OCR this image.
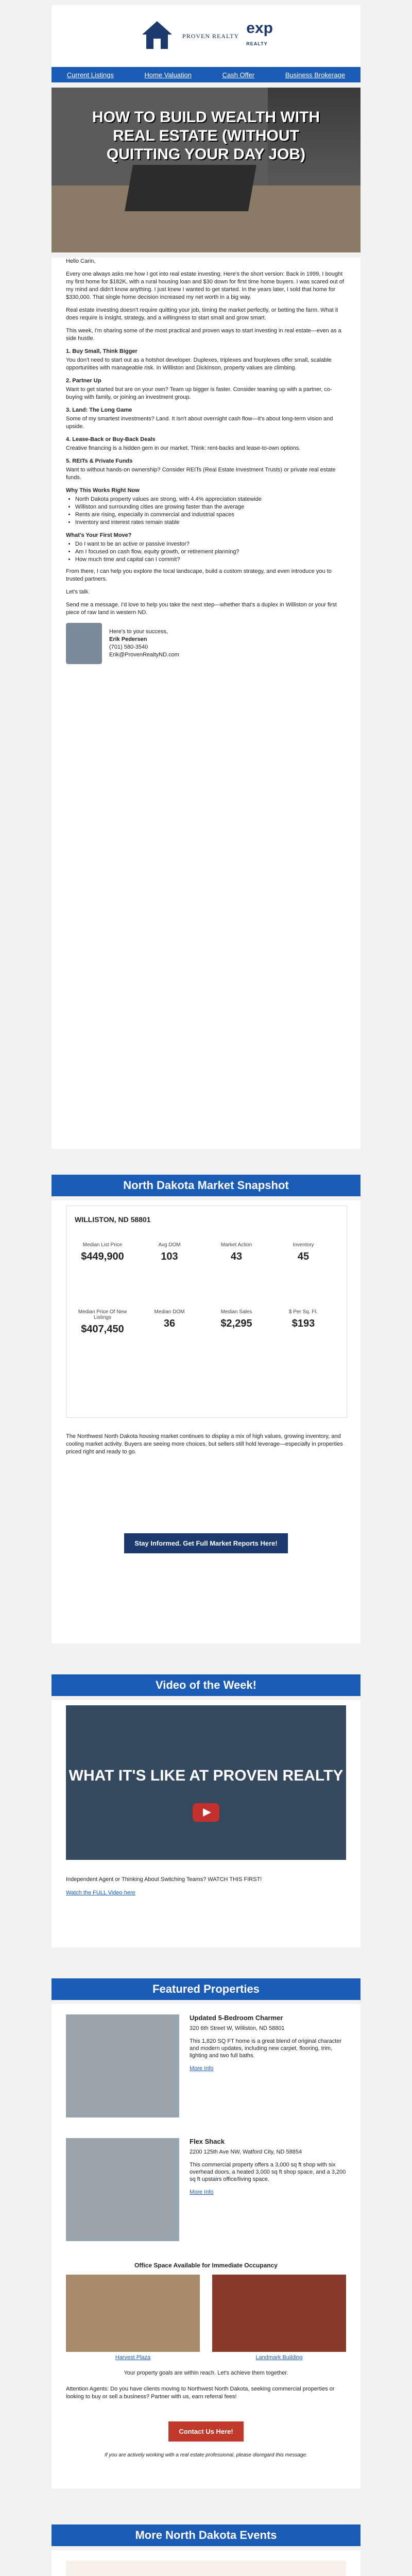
PROVEN REALTY exp
REALTY
Current Listings	Home Valuation	Cash Offer	Business Brokerage
HOW TO BUILD WEALTH WITH REAL ESTATE (WITHOUT QUITTING YOUR DAY JOB)

Hello Carin,

Every one always asks me how I got into real estate investing. Here's the short version: Back in 1999, I bought my first home for $182K, with a rural housing loan and $30 down for first time home buyers. I was scared out of my mind and didn't know anything. I just knew I wanted to get started. In the years later, I sold that home for $330,000. That single home decision increased my net worth in a big way.

Real estate investing doesn't require quitting your job, timing the market perfectly, or betting the farm. What it does require is insight, strategy, and a willingness to start small and grow smart.

This week, I'm sharing some of the most practical and proven ways to start investing in real estate—even as a side hustle.

1. Buy Small, Think Bigger

You don't need to start out as a hotshot developer. Duplexes, triplexes and fourplexes offer small, scalable opportunities with manageable risk. In Williston and Dickinson, property values are climbing.

2. Partner Up

Want to get started but are on your own? Team up bigger is faster. Consider teaming up with a partner, co-buying with family, or joining an investment group.

3. Land: The Long Game

Some of my smartest investments? Land. It isn't about overnight cash flow—it's about long-term vision and upside.

4. Lease-Back or Buy-Back Deals

Creative financing is a hidden gem in our market. Think: rent-backs and lease-to-own options.

5. REITs & Private Funds

Want to without hands-on ownership? Consider REITs (Real Estate Investment Trusts) or private real estate funds.

Why This Works Right Now
• North Dakota property values are strong, with 4.4% appreciation statewide
• Williston and surrounding cities are growing faster than the average
• Rents are rising, especially in commercial and industrial spaces
• Inventory and interest rates remain stable
What's Your First Move?
• Do I want to be an active or passive investor?
• Am I focused on cash flow, equity growth, or retirement planning?
• How much time and capital can I commit?

From there, I can help you explore the local landscape, build a custom strategy, and even introduce you to trusted partners.

Let's talk.

Send me a message. I'd love to help you take the next step—whether that's a duplex in Williston or your first piece of raw land in western ND.

Here's to your success,
Erik Pedersen
(701) 580-3540
Erik@ProvenRealtyND.com
North Dakota Market Snapshot
WILLISTON, ND 58801
Median List Price
$449,900
Avg DOM
103
Market Action
43
Inventory
45
Median Price Of New Listings
$407,450
Median DOM
36
Median Sales
$2,295
$ Per Sq. Ft.
$193

The Northwest North Dakota housing market continues to display a mix of high values, growing inventory, and cooling market activity. Buyers are seeing more choices, but sellers still hold leverage—especially in properties priced right and ready to go.

Stay Informed. Get Full Market Reports Here!
Video of the Week!
WHAT IT'S LIKE AT PROVEN REALTY

Independent Agent or Thinking About Switching Teams? WATCH THIS FIRST!

Watch the FULL Video here
Featured Properties
Updated 5-Bedroom Charmer
320 6th Street W, Williston, ND 58801

This 1,820 SQ FT home is a great blend of original character and modern updates, including new carpet, flooring, trim, lighting and two full baths.

More Info
Flex Shack
2200 125th Ave NW, Watford City, ND 58854

This commercial property offers a 3,000 sq ft shop with six overhead doors, a heated 3,000 sq ft shop space, and a 3,200 sq ft upstairs office/living space.

More Info
Office Space Available for Immediate Occupancy
Harvest Plaza	Landmark Building
Your property goals are within reach. Let's achieve them together.
Attention Agents: Do you have clients moving to Northwest North Dakota, seeking commercial properties or looking to buy or sell a business? Partner with us, earn referral fees!
Contact Us Here!
If you are actively working with a real estate professional, please disregard this message.
More North Dakota Events
